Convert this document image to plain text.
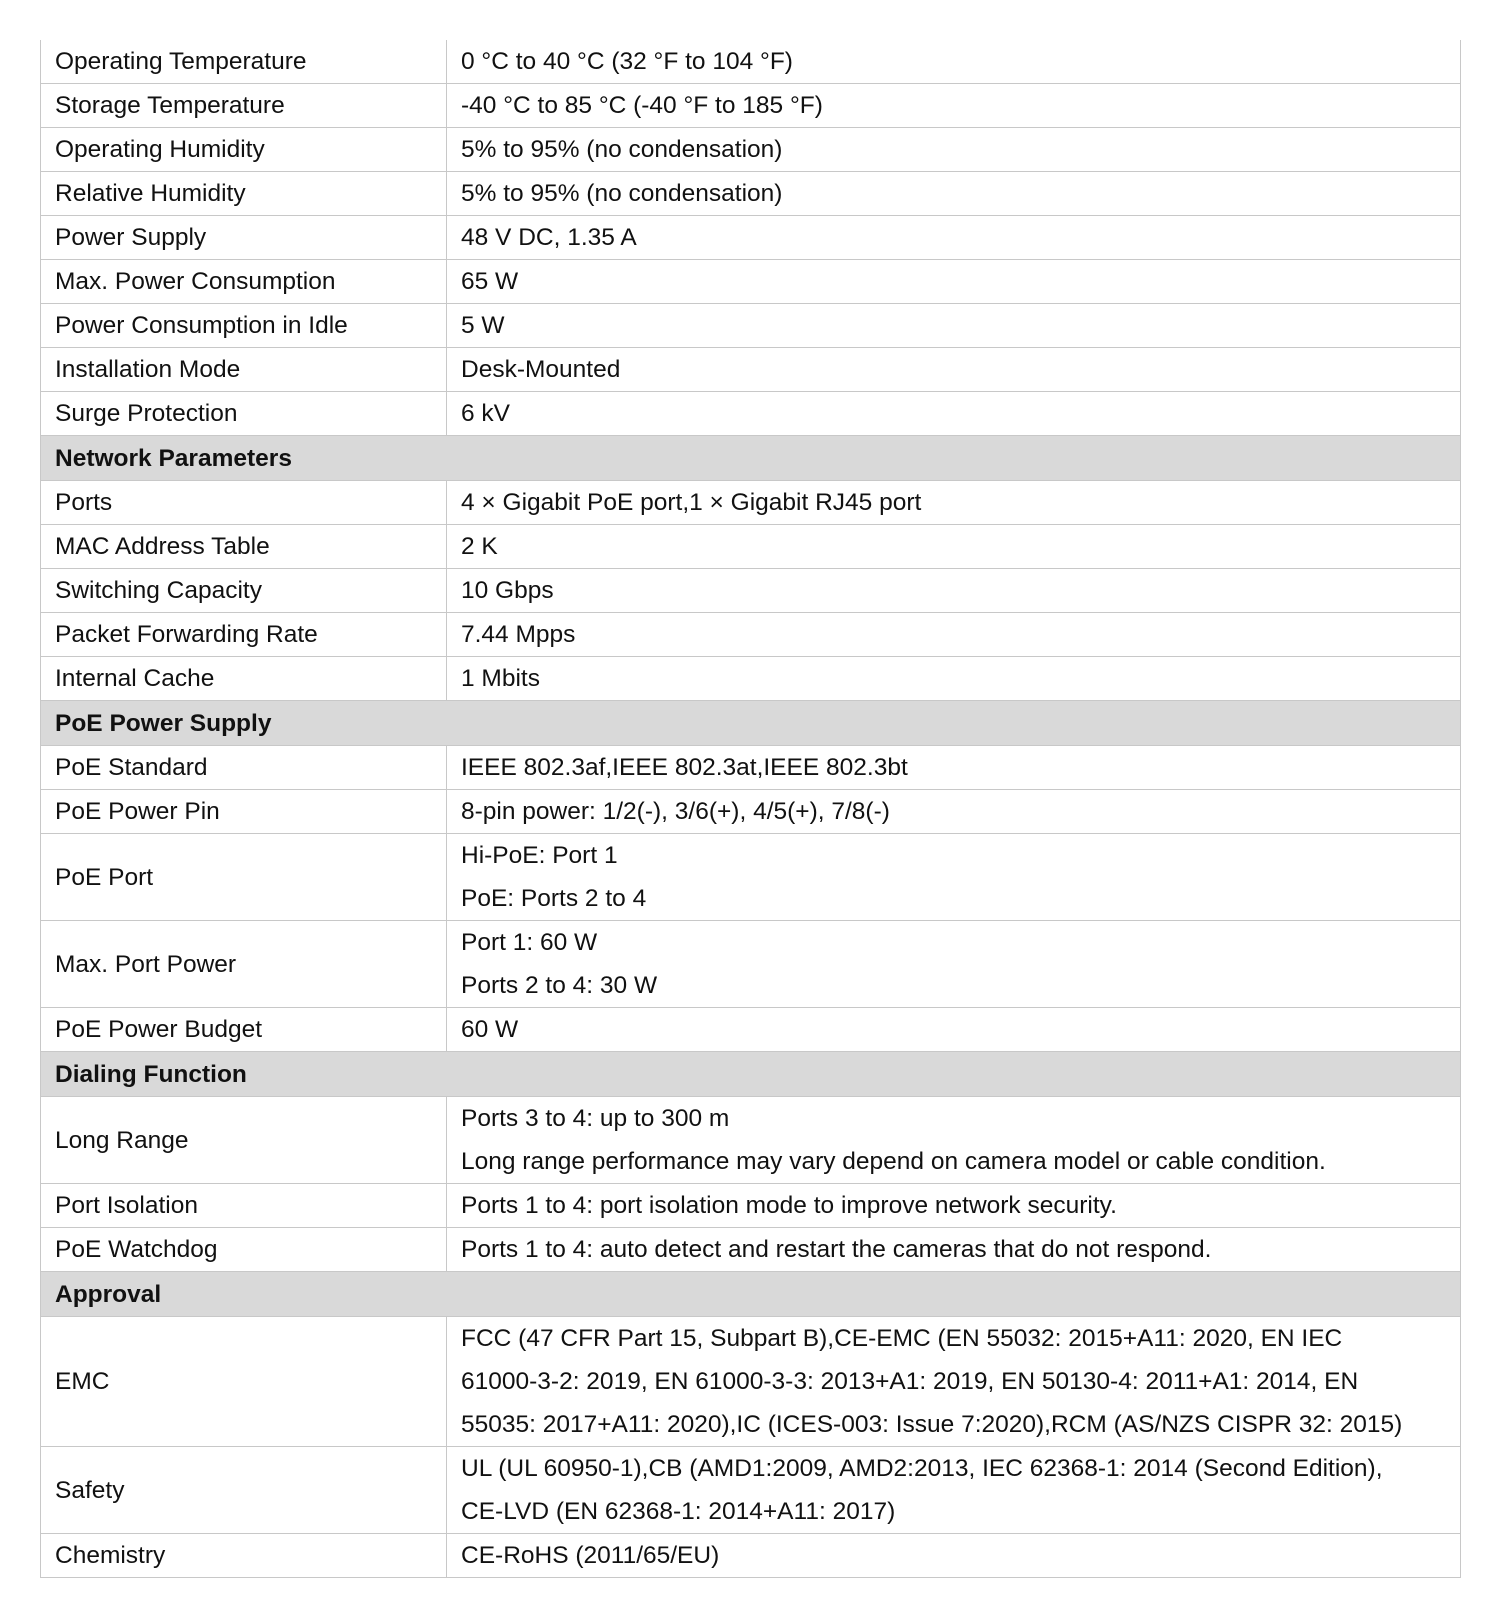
Operating Temperature	0 °C to 40 °C (32 °F to 104 °F)

Storage Temperature	-40 °C to 85 °C (-40 °F to 185 °F)

Operating Humidity	5% to 95% (no condensation)

Relative Humidity	5% to 95% (no condensation)

Power Supply	48 V DC, 1.35 A

Max. Power Consumption	65 W

Power Consumption in Idle	5 W

Installation Mode	Desk-Mounted

Surge Protection	6 kV

Network Parameters	
Ports	4 × Gigabit PoE port,1 × Gigabit RJ45 port

MAC Address Table	2 K

Switching Capacity	10 Gbps

Packet Forwarding Rate	7.44 Mpps

Internal Cache	1 Mbits

PoE Power Supply	
PoE Standard	IEEE 802.3af,IEEE 802.3at,IEEE 802.3bt

PoE Power Pin	8-pin power: 1/2(-), 3/6(+), 4/5(+), 7/8(-)

PoE Port	Hi-PoE: Port 1
PoE: Ports 2 to 4

Max. Port Power	Port 1: 60 W
Ports 2 to 4: 30 W

PoE Power Budget	60 W

Dialing Function	
Long Range	Ports 3 to 4: up to 300 m
Long range performance may vary depend on camera model or cable condition.

Port Isolation	Ports 1 to 4: port isolation mode to improve network security.

PoE Watchdog	Ports 1 to 4: auto detect and restart the cameras that do not respond.

Approval	
EMC	FCC (47 CFR Part 15, Subpart B),CE-EMC (EN 55032: 2015+A11: 2020, EN IEC
61000-3-2: 2019, EN 61000-3-3: 2013+A1: 2019, EN 50130-4: 2011+A1: 2014, EN
55035: 2017+A11: 2020),IC (ICES-003: Issue 7:2020),RCM (AS/NZS CISPR 32: 2015)

Safety	UL (UL 60950-1),CB (AMD1:2009, AMD2:2013, IEC 62368-1: 2014 (Second Edition),
CE-LVD (EN 62368-1: 2014+A11: 2017)

Chemistry	CE-RoHS (2011/65/EU)
